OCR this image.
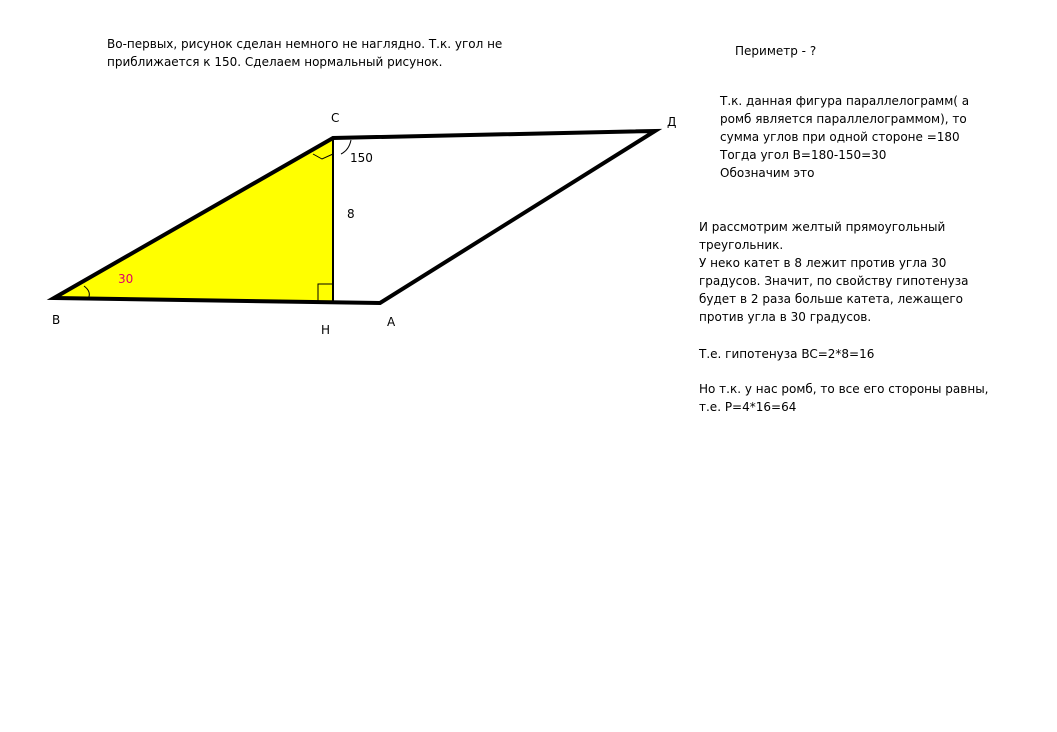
Во-первых, рисунок сделан немного не наглядно. Т.к. угол не
приближается к 150. Сделаем нормальный рисунок.
Периметр - ?
Т.к. данная фигура параллелограмм( а
ромб является параллелограммом), то
сумма углов при одной стороне =180
Тогда угол B=180-150=30
Обозначим это
И рассмотрим желтый прямоугольный
треугольник.
У неко катет в 8 лежит против угла 30
градусов. Значит, по свойству гипотенуза
будет в 2 раза больше катета, лежащего
против угла в 30 градусов.
Т.е. гипотенуза BC=2*8=16
Но т.к. у нас ромб, то все его стороны равны,
т.е. P=4*16=64
B
H
A
C	Д
8
150
30
